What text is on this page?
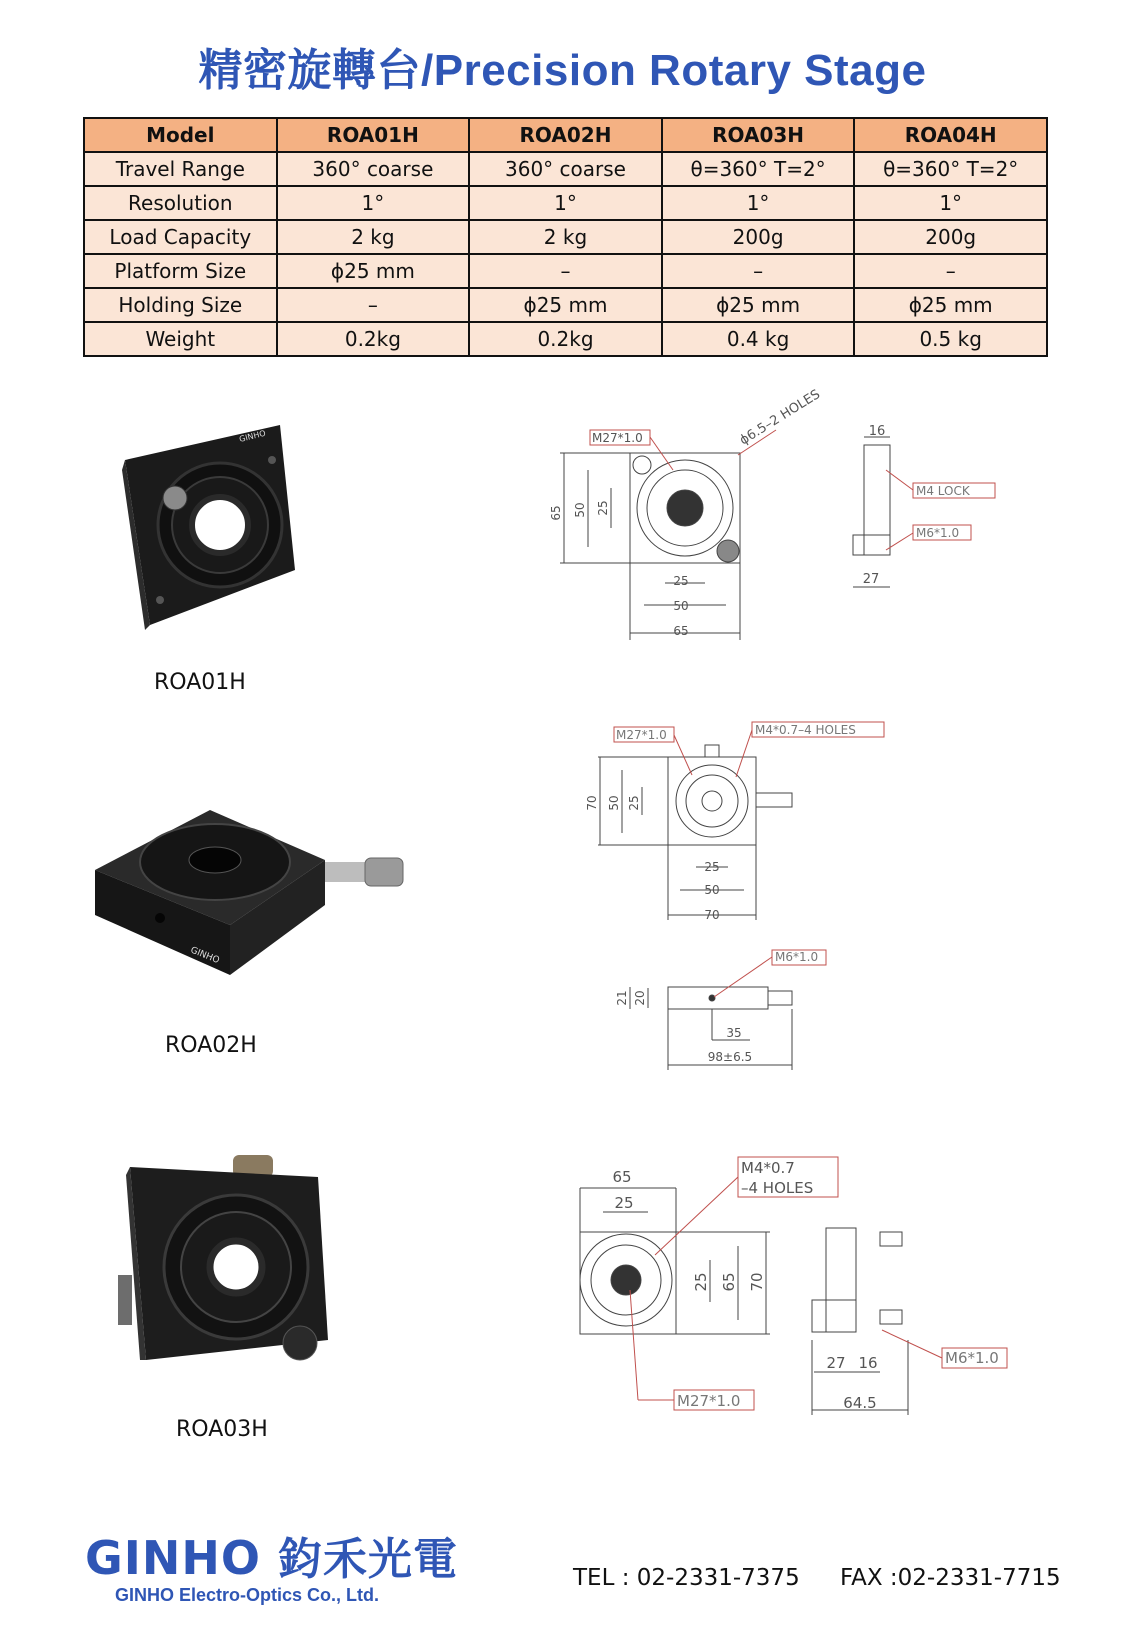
精密旋轉台/Precision Rotary Stage
Model	ROA01H	ROA02H	ROA03H	ROA04H
Travel Range	360° coarse	360° coarse	θ=360° T=2°	θ=360° T=2°
Resolution	1°	1°	1°	1°
Load Capacity	2 kg	2 kg	200g	200g
Platform Size	ϕ25 mm	–	–	–
Holding Size	–	ϕ25 mm	ϕ25 mm	ϕ25 mm
Weight	0.2kg	0.2kg	0.4 kg	0.5 kg
GINHO
ROA01H
GINHO
ROA02H
ROA03H
M27*1.0	ϕ6.5–2 HOLES
65 50 25
25
50
65
16
M4 LOCK
M6*1.0
27
M27*1.0	M4*0.7–4 HOLES
70 50 25
25
50
70
M6*1.0
21 20
35
98±6.5
65
25
M4*0.7
–4 HOLES
25 65 70
M27*1.0
27 16	M6*1.0
64.5
GINHO 鈞禾光電
GINHO Electro-Optics Co., Ltd.
TEL : 02-2331-7375 FAX :02-2331-7715
